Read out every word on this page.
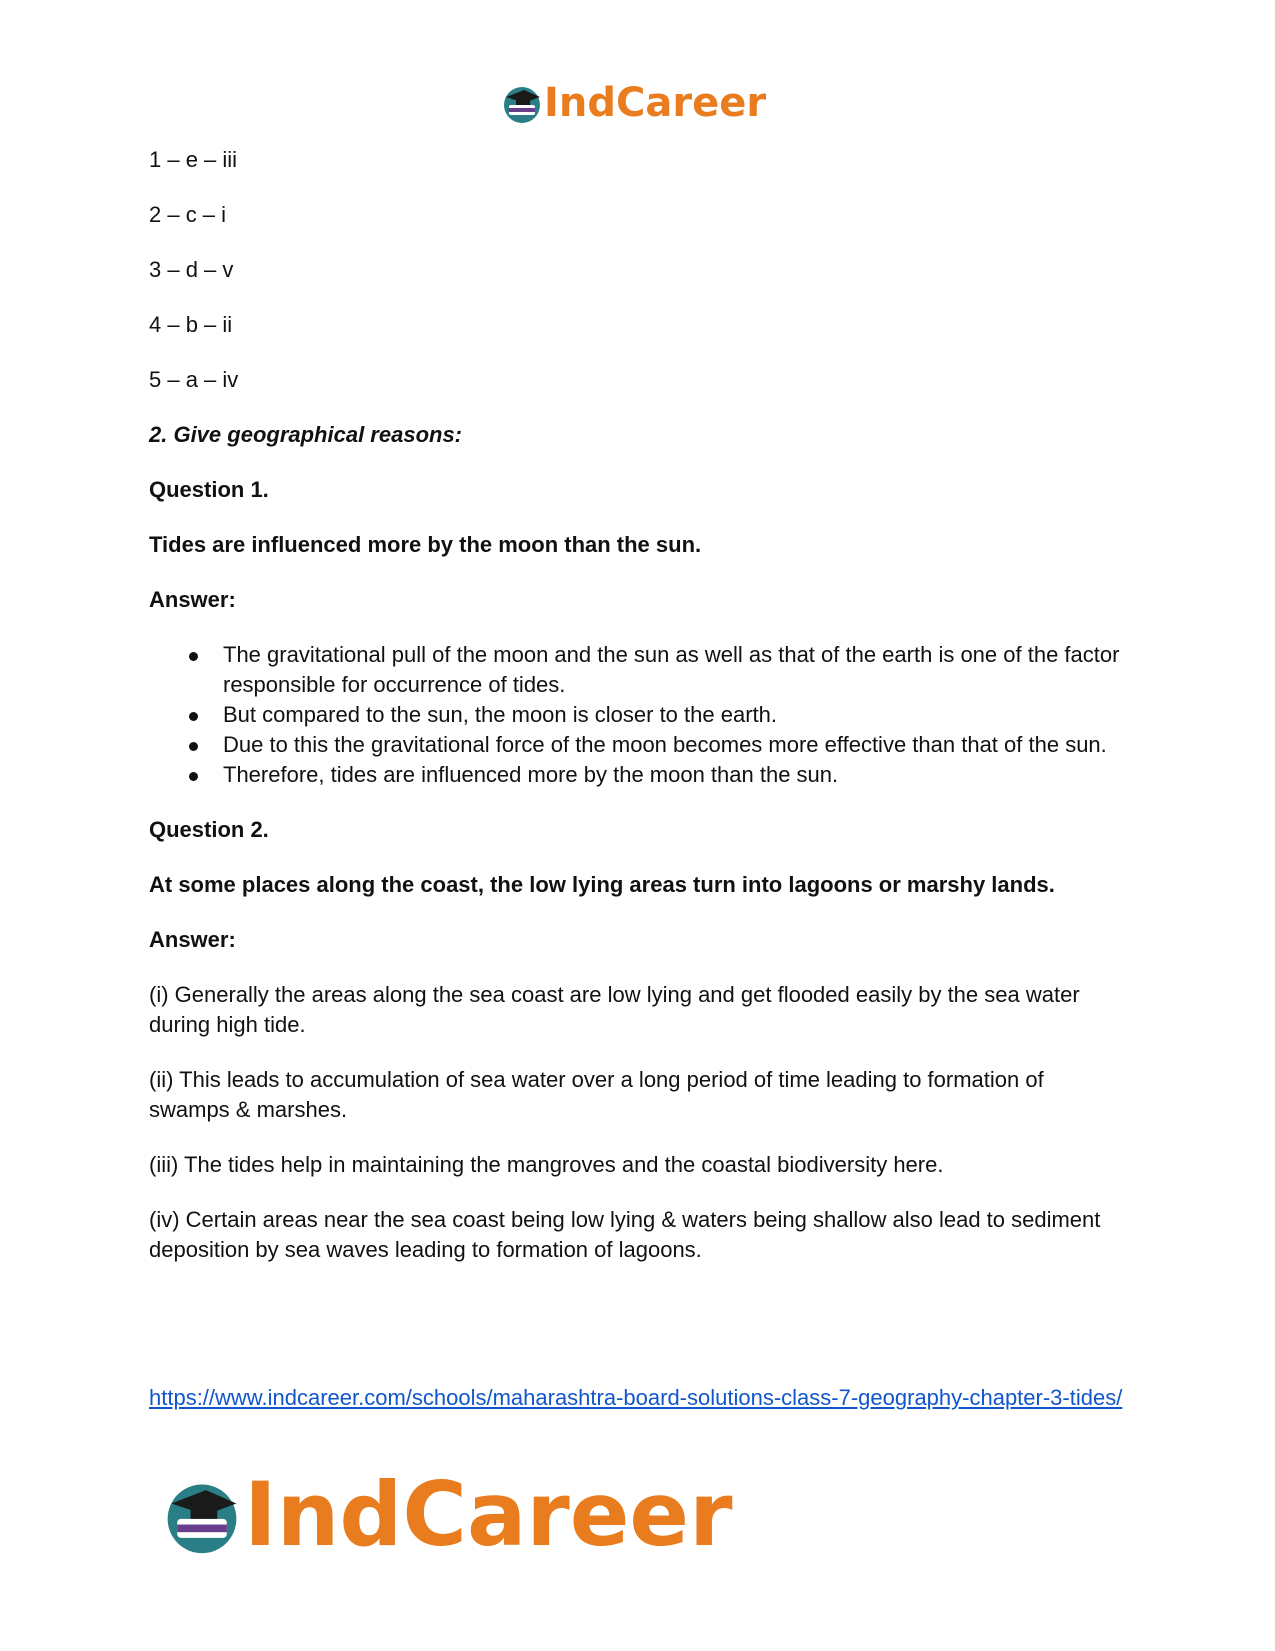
IndCareer

1 – e – iii

2 – c – i

3 – d – v

4 – b – ii

5 – a – iv

2. Give geographical reasons:

Question 1.

Tides are influenced more by the moon than the sun.

Answer:

The gravitational pull of the moon and the sun as well as that of the earth is one of the factor responsible for occurrence of tides.
But compared to the sun, the moon is closer to the earth.
Due to this the gravitational force of the moon becomes more effective than that of the sun.
Therefore, tides are influenced more by the moon than the sun.

Question 2.

At some places along the coast, the low lying areas turn into lagoons or marshy lands.

Answer:

(i) Generally the areas along the sea coast are low lying and get flooded easily by the sea water during high tide.

(ii) This leads to accumulation of sea water over a long period of time leading to formation of swamps & marshes.

(iii) The tides help in maintaining the mangroves and the coastal biodiversity here.

(iv) Certain areas near the sea coast being low lying & waters being shallow also lead to sediment deposition by sea waves leading to formation of lagoons.

https://www.indcareer.com/schools/maharashtra-board-solutions-class-7-geography-chapter-3-tides/
IndCareer
